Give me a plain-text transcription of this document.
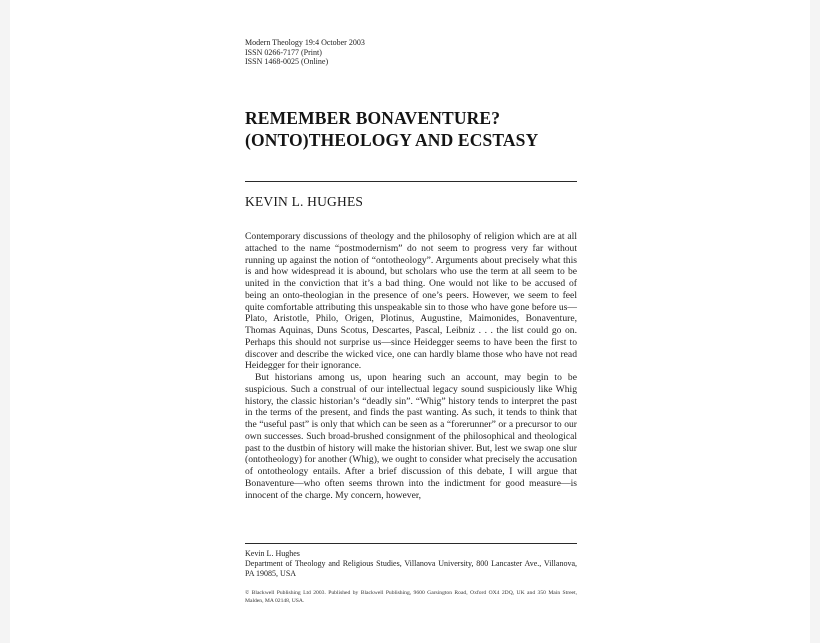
Modern Theology 19:4 October 2003
ISSN 0266-7177 (Print)
ISSN 1468-0025 (Online)
REMEMBER BONAVENTURE?
(ONTO)THEOLOGY AND ECSTASY
KEVIN L. HUGHES

Contemporary discussions of theology and the philosophy of religion which are at all attached to the name “postmodernism” do not seem to progress very far without running up against the notion of “ontotheology”. Arguments about precisely what this is and how widespread it is abound, but scholars who use the term at all seem to be united in the conviction that it’s a bad thing. One would not like to be accused of being an onto-theologian in the presence of one’s peers. However, we seem to feel quite comfortable attributing this unspeakable sin to those who have gone before us—Plato, Aristotle, Philo, Origen, Plotinus, Augustine, Maimonides, Bonaventure, Thomas Aquinas, Duns Scotus, Descartes, Pascal, Leibniz . . . the list could go on. Perhaps this should not surprise us—since Heidegger seems to have been the first to discover and describe the wicked vice, one can hardly blame those who have not read Heidegger for their ignorance.

But historians among us, upon hearing such an account, may begin to be suspicious. Such a construal of our intellectual legacy sound suspiciously like Whig history, the classic historian’s “deadly sin”. “Whig” history tends to interpret the past in the terms of the present, and finds the past wanting. As such, it tends to think that the “useful past” is only that which can be seen as a “forerunner” or a precursor to our own successes. Such broad-brushed consignment of the philosophical and theological past to the dustbin of history will make the historian shiver. But, lest we swap one slur (ontotheology) for another (Whig), we ought to consider what precisely the accusation of ontotheology entails. After a brief discussion of this debate, I will argue that Bonaventure—who often seems thrown into the indictment for good measure—is innocent of the charge. My concern, however,

Kevin L. Hughes
Department of Theology and Religious Studies, Villanova University, 800 Lancaster Ave., Villanova, PA 19085, USA
© Blackwell Publishing Ltd 2003. Published by Blackwell Publishing, 9600 Garsington Road, Oxford OX4 2DQ, UK and 350 Main Street, Malden, MA 02148, USA.
